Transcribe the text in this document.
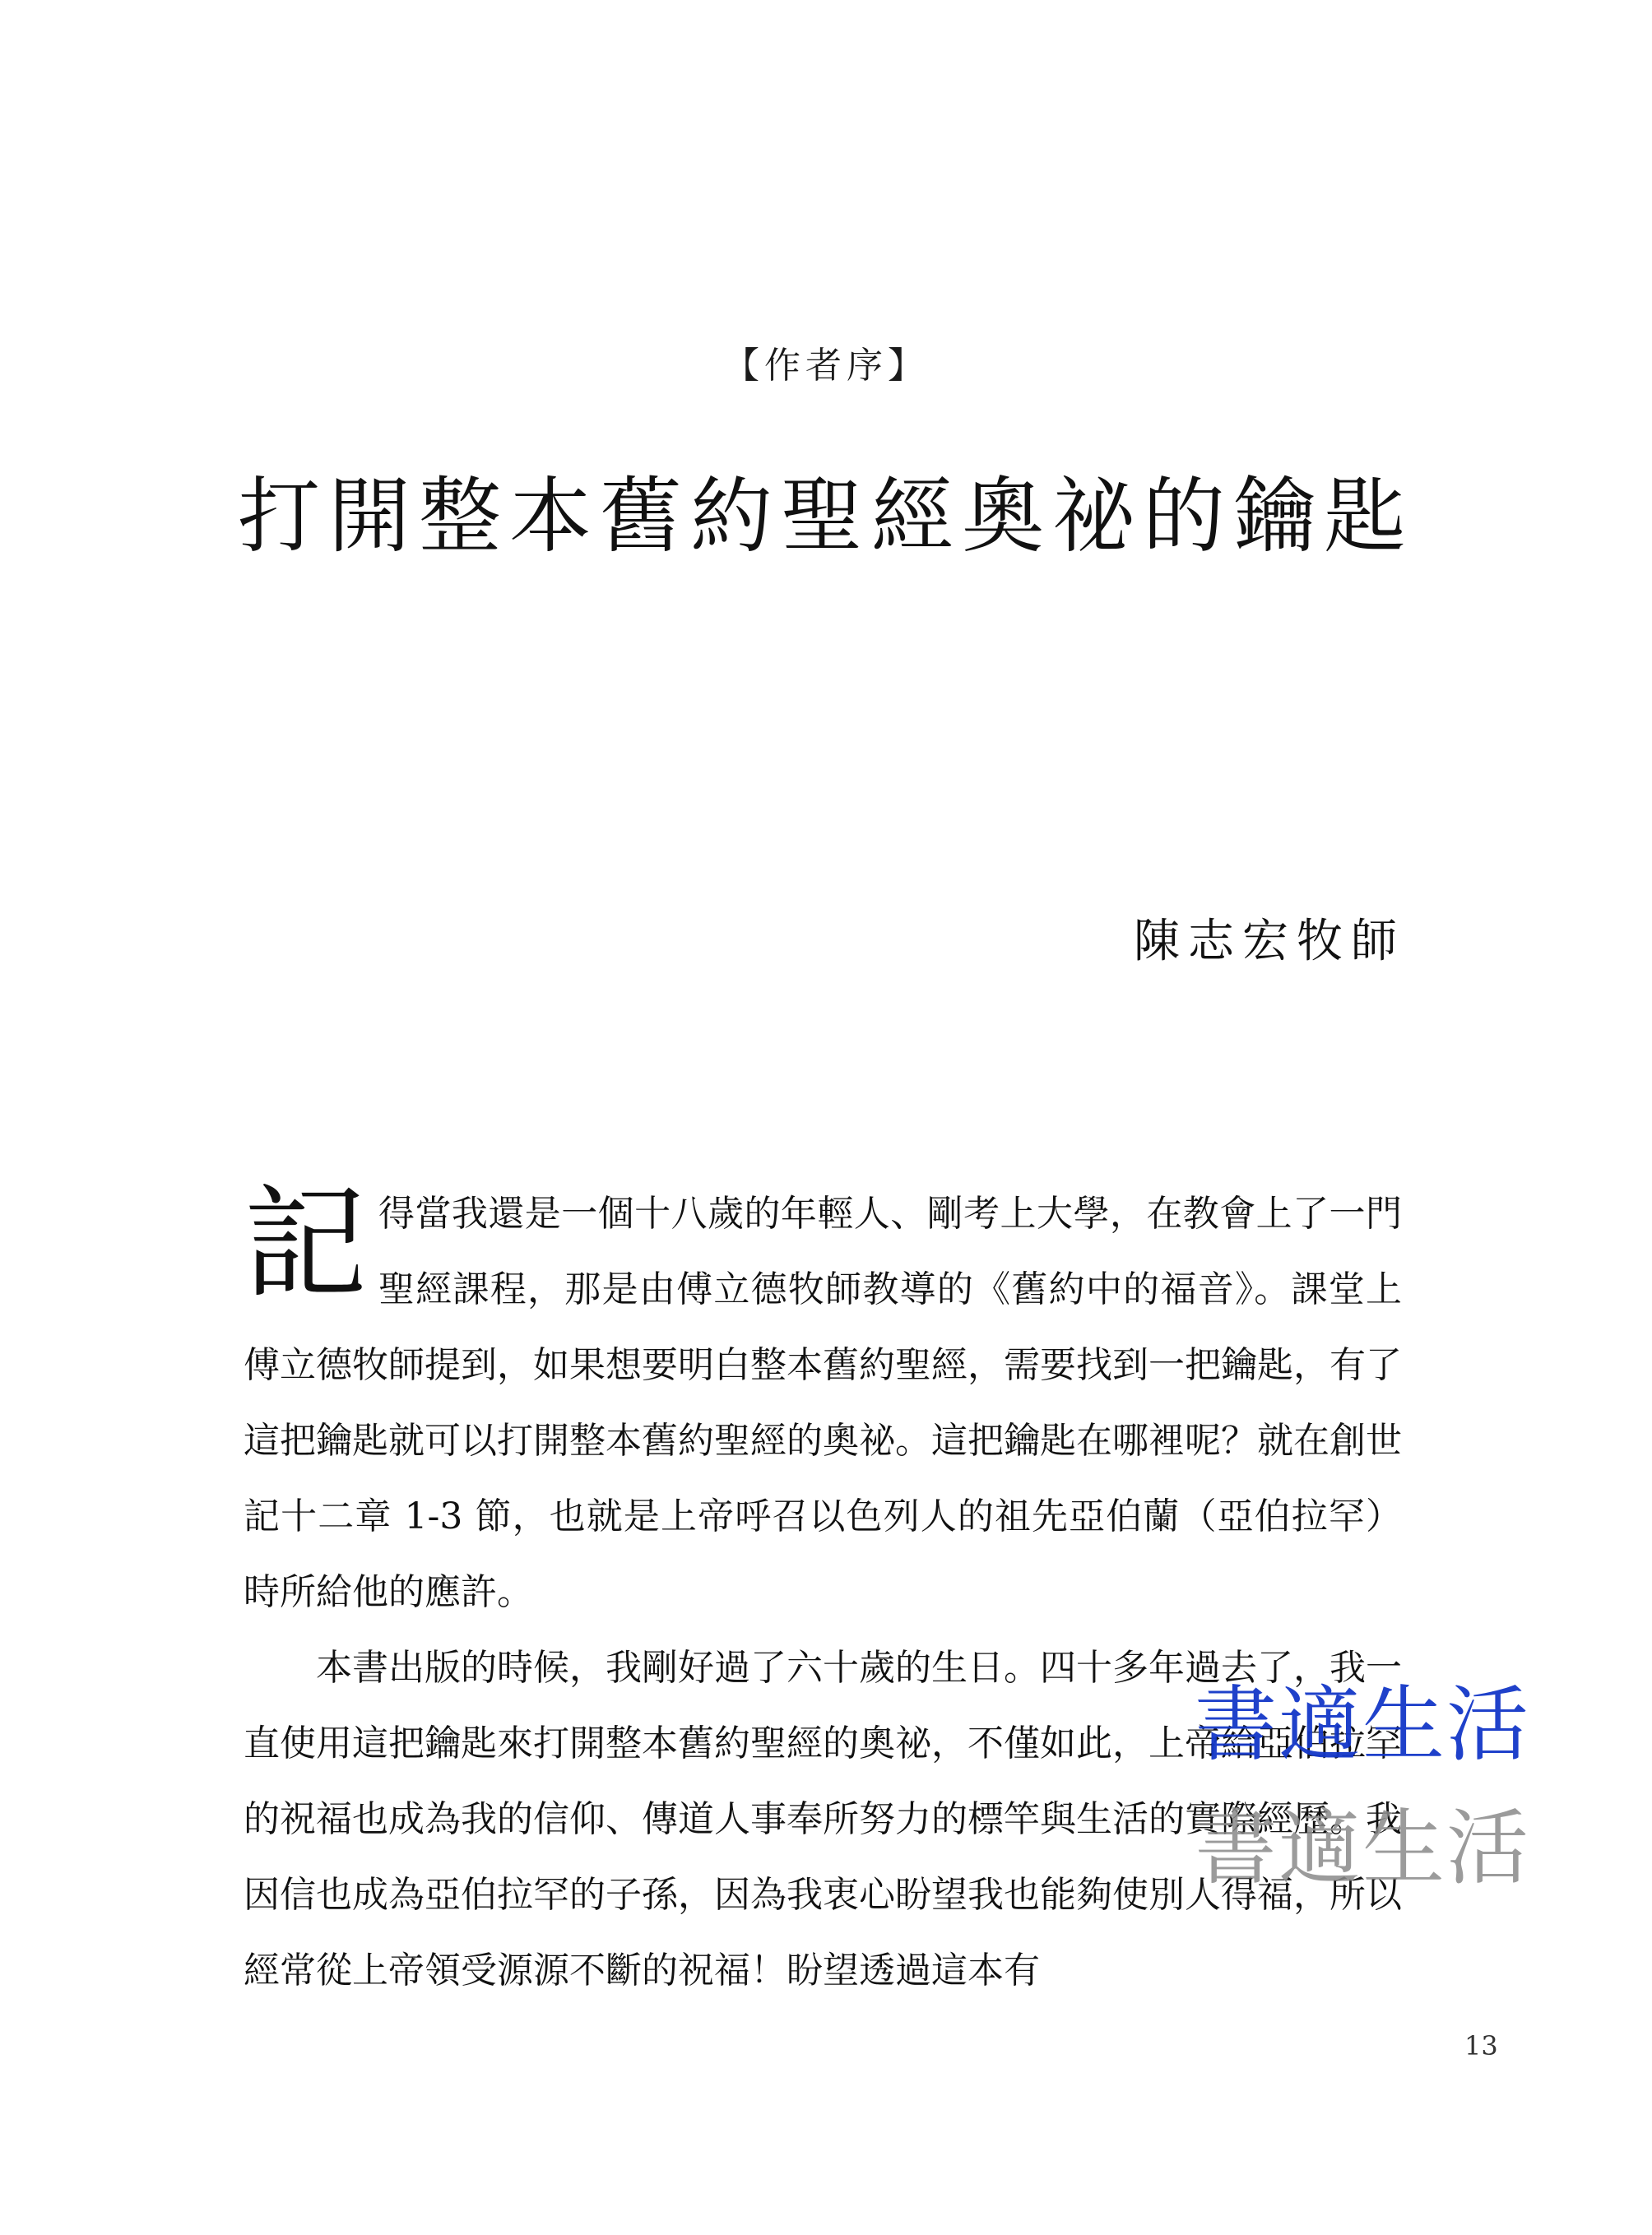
【作者序】
打開整本舊約聖經奧祕的鑰匙
陳志宏牧師

記得當我還是一個十八歲的年輕人、剛考上大學，在教會上了一門聖經課程，那是由傅立德牧師教導的《舊約中的福音》。課堂上傅立德牧師提到，如果想要明白整本舊約聖經，需要找到一把鑰匙，有了這把鑰匙就可以打開整本舊約聖經的奧祕。這把鑰匙在哪裡呢？就在創世記十二章 1-3 節，也就是上帝呼召以色列人的祖先亞伯蘭（亞伯拉罕）時所給他的應許。

本書出版的時候，我剛好過了六十歲的生日。四十多年過去了，我一直使用這把鑰匙來打開整本舊約聖經的奧祕，不僅如此，上帝給亞伯拉罕的祝福也成為我的信仰、傳道人事奉所努力的標竿與生活的實際經歷。我因信也成為亞伯拉罕的子孫，因為我衷心盼望我也能夠使別人得福，所以經常從上帝領受源源不斷的祝福！盼望透過這本有

書適生活
書適生活
13
